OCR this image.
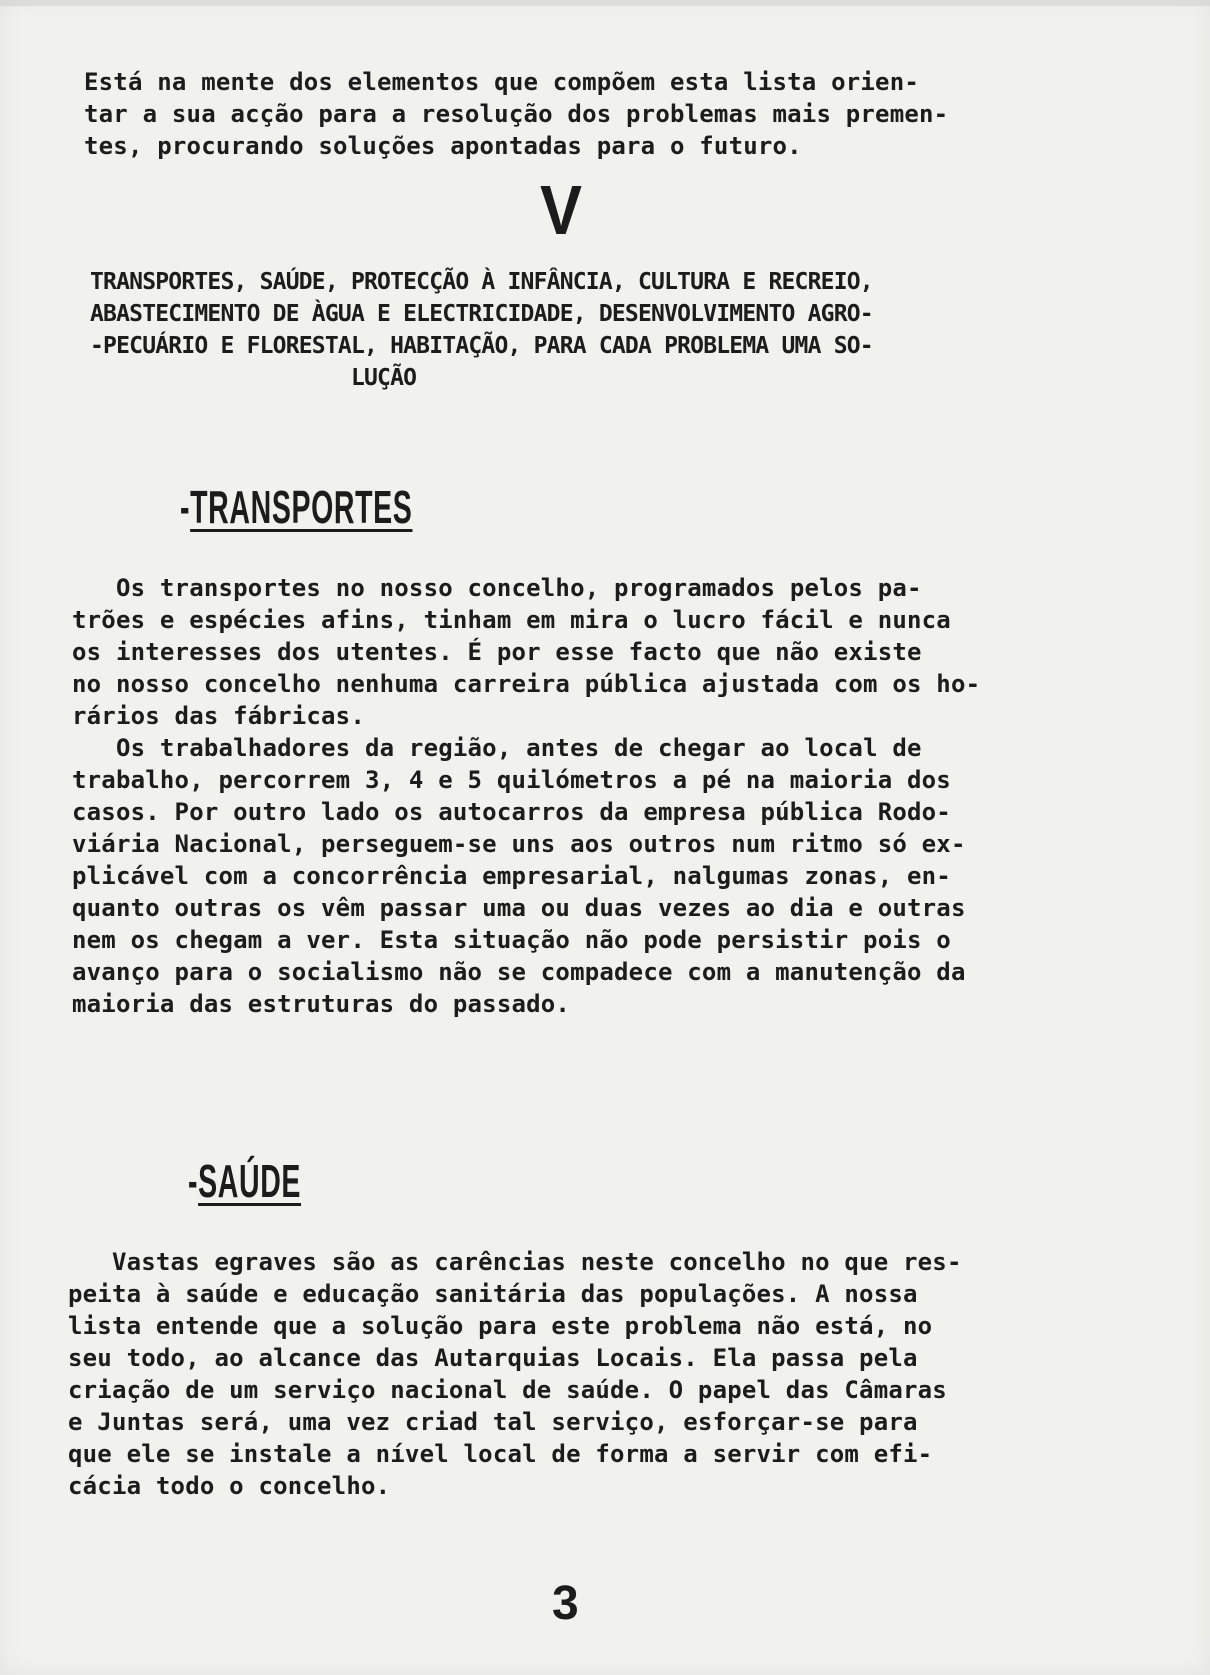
Está na mente dos elementos que compõem esta lista orien-
tar a sua acção para a resolução dos problemas mais premen-
tes, procurando soluções apontadas para o futuro.

V

TRANSPORTES, SAÚDE, PROTECÇÃO À INFÂNCIA, CULTURA E RECREIO,
ABASTECIMENTO DE ÀGUA E ELECTRICIDADE, DESENVOLVIMENTO AGRO-
-PECUÁRIO E FLORESTAL, HABITAÇÃO, PARA CADA PROBLEMA UMA SO-
LUÇÃO

-TRANSPORTES

Os transportes no nosso concelho, programados pelos pa-
trões e espécies afins, tinham em mira o lucro fácil e nunca
os interesses dos utentes. É por esse facto que não existe
no nosso concelho nenhuma carreira pública ajustada com os ho-
rários das fábricas.
Os trabalhadores da região, antes de chegar ao local de
trabalho, percorrem 3, 4 e 5 quilómetros a pé na maioria dos
casos. Por outro lado os autocarros da empresa pública Rodo-
viária Nacional, perseguem-se uns aos outros num ritmo só ex-
plicável com a concorrência empresarial, nalgumas zonas, en-
quanto outras os vêm passar uma ou duas vezes ao dia e outras
nem os chegam a ver. Esta situação não pode persistir pois o
avanço para o socialismo não se compadece com a manutenção da
maioria das estruturas do passado.

-SAÚDE

Vastas egraves são as carências neste concelho no que res-
peita à saúde e educação sanitária das populações. A nossa
lista entende que a solução para este problema não está, no
seu todo, ao alcance das Autarquias Locais. Ela passa pela
criação de um serviço nacional de saúde. O papel das Câmaras
e Juntas será, uma vez criad tal serviço, esforçar-se para
que ele se instale a nível local de forma a servir com efi-
cácia todo o concelho.

3
